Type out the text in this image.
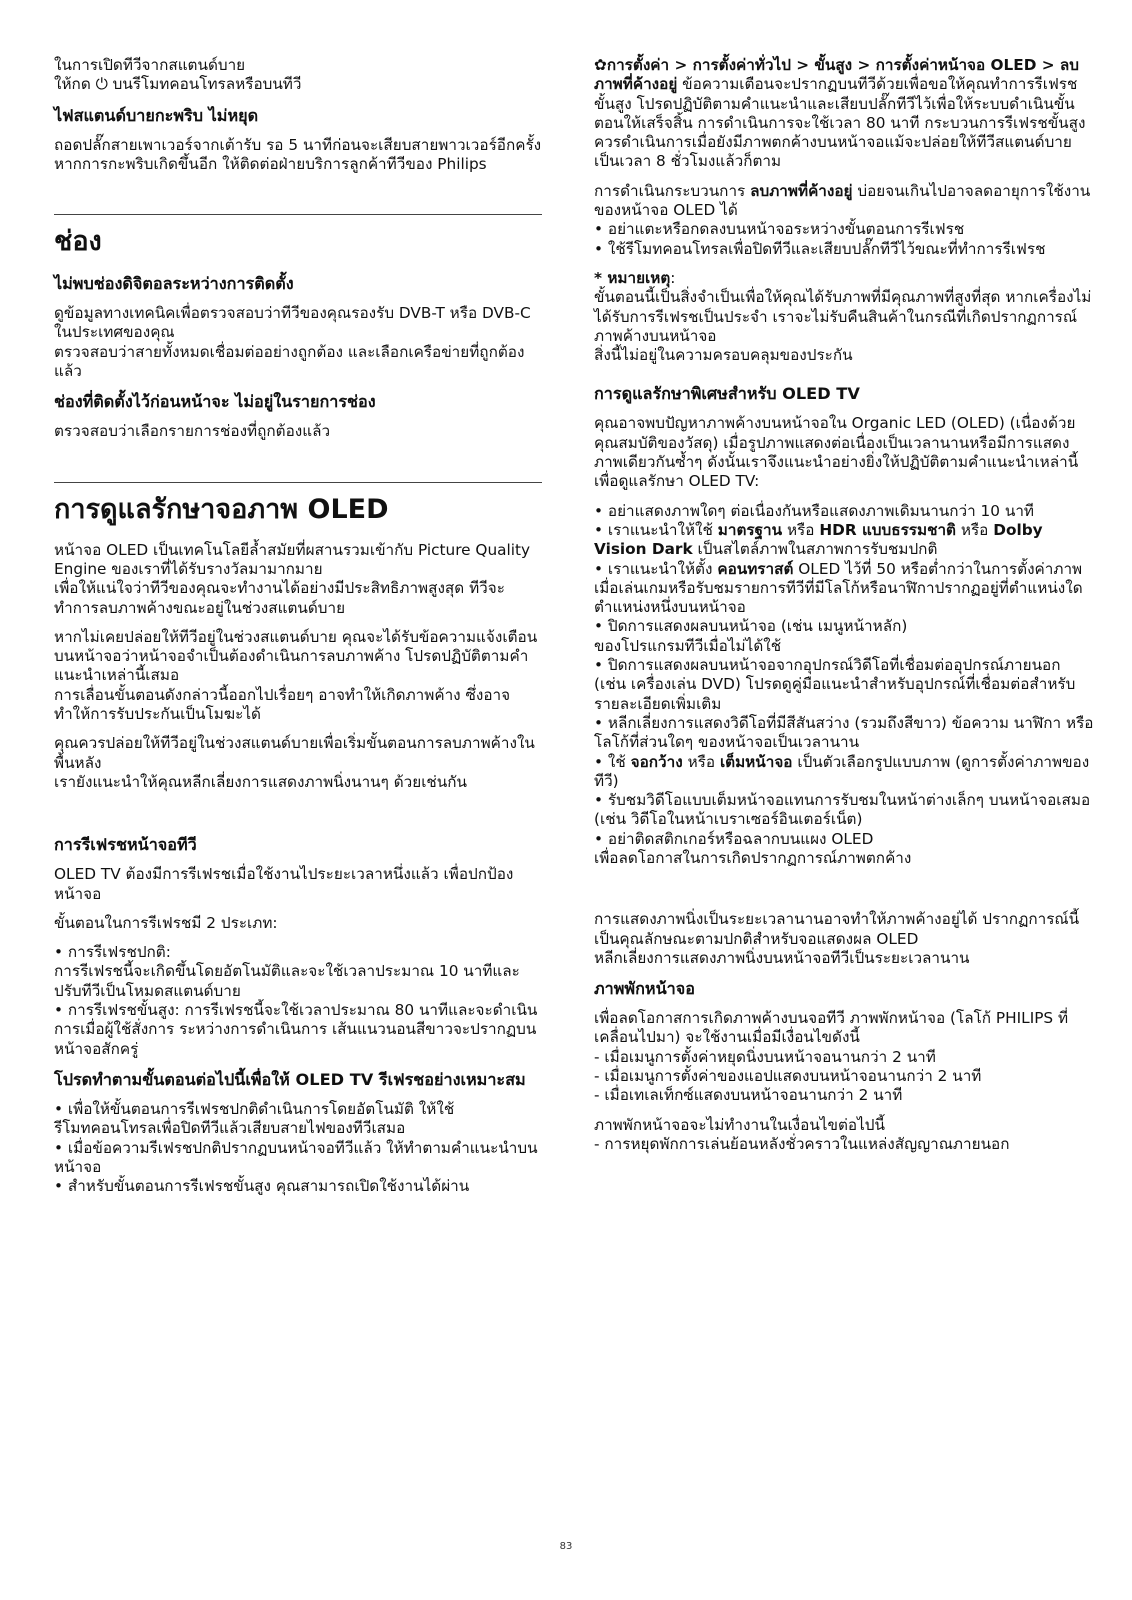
ในการเปิดทีวีจากสแตนด์บาย

ให้กด ⏻ บนรีโมทคอนโทรลหรือบนทีวี

ไฟสแตนด์บายกะพริบ ไม่หยุด

ถอดปลั๊กสายเพาเวอร์จากเต้ารับ รอ 5 นาทีก่อนจะเสียบสายพาวเวอร์อีกครั้ง หากการกะพริบเกิดขึ้นอีก ให้ติดต่อฝ่ายบริการลูกค้าทีวีของ Philips

ช่อง
ไม่พบช่องดิจิตอลระหว่างการติดตั้ง

ดูข้อมูลทางเทคนิคเพื่อตรวจสอบว่าทีวีของคุณรองรับ DVB-T หรือ DVB-C ในประเทศของคุณ

ตรวจสอบว่าสายทั้งหมดเชื่อมต่ออย่างถูกต้อง และเลือกเครือข่ายที่ถูกต้องแล้ว

ช่องที่ติดตั้งไว้ก่อนหน้าจะ ไม่อยู่ในรายการช่อง

ตรวจสอบว่าเลือกรายการช่องที่ถูกต้องแล้ว

การดูแลรักษาจอภาพ OLED

หน้าจอ OLED เป็นเทคโนโลยีล้ำสมัยที่ผสานรวมเข้ากับ Picture Quality Engine ของเราที่ได้รับรางวัลมามากมาย

เพื่อให้แน่ใจว่าทีวีของคุณจะทำงานได้อย่างมีประสิทธิภาพสูงสุด ทีวีจะทำการลบภาพค้างขณะอยู่ในช่วงสแตนด์บาย

หากไม่เคยปล่อยให้ทีวีอยู่ในช่วงสแตนด์บาย คุณจะได้รับข้อความแจ้งเตือนบนหน้าจอว่าหน้าจอจำเป็นต้องดำเนินการลบภาพค้าง โปรดปฏิบัติตามคำแนะนำเหล่านี้เสมอ

การเลื่อนขั้นตอนดังกล่าวนี้ออกไปเรื่อยๆ อาจทำให้เกิดภาพค้าง ซึ่งอาจทำให้การรับประกันเป็นโมฆะได้

คุณควรปล่อยให้ทีวีอยู่ในช่วงสแตนด์บายเพื่อเริ่มขั้นตอนการลบภาพค้างในพื้นหลัง

เรายังแนะนำให้คุณหลีกเลี่ยงการแสดงภาพนิ่งนานๆ ด้วยเช่นกัน

การรีเฟรชหน้าจอทีวี

OLED TV ต้องมีการรีเฟรชเมื่อใช้งานไประยะเวลาหนึ่งแล้ว เพื่อปกป้องหน้าจอ

ขั้นตอนในการรีเฟรชมี 2 ประเภท:

• การรีเฟรชปกติ:

การรีเฟรชนี้จะเกิดขึ้นโดยอัตโนมัติและจะใช้เวลาประมาณ 10 นาทีและปรับทีวีเป็นโหมดสแตนด์บาย

• การรีเฟรชขั้นสูง: การรีเฟรชนี้จะใช้เวลาประมาณ 80 นาทีและจะดำเนินการเมื่อผู้ใช้สั่งการ ระหว่างการดำเนินการ เส้นแนวนอนสีขาวจะปรากฏบนหน้าจอสักครู่

โปรดทำตามขั้นตอนต่อไปนี้เพื่อให้ OLED TV รีเฟรชอย่างเหมาะสม

• เพื่อให้ขั้นตอนการรีเฟรชปกติดำเนินการโดยอัตโนมัติ ให้ใช้รีโมทคอนโทรลเพื่อปิดทีวีแล้วเสียบสายไฟของทีวีเสมอ

• เมื่อข้อความรีเฟรชปกติปรากฏบนหน้าจอทีวีแล้ว ให้ทำตามคำแนะนำบนหน้าจอ

• สำหรับขั้นตอนการรีเฟรชขั้นสูง คุณสามารถเปิดใช้งานได้ผ่าน

✿การตั้งค่า > การตั้งค่าทั่วไป > ขั้นสูง > การตั้งค่าหน้าจอ OLED > ลบภาพที่ค้างอยู่ ข้อความเตือนจะปรากฏบนทีวีด้วยเพื่อขอให้คุณทำการรีเฟรชขั้นสูง โปรดปฏิบัติตามคำแนะนำและเสียบปลั๊กทีวีไว้เพื่อให้ระบบดำเนินขั้นตอนให้เสร็จสิ้น การดำเนินการจะใช้เวลา 80 นาที กระบวนการรีเฟรชขั้นสูงควรดำเนินการเมื่อยังมีภาพตกค้างบนหน้าจอแม้จะปล่อยให้ทีวีสแตนด์บายเป็นเวลา 8 ชั่วโมงแล้วก็ตาม

การดำเนินกระบวนการ ลบภาพที่ค้างอยู่ บ่อยจนเกินไปอาจลดอายุการใช้งานของหน้าจอ OLED ได้

• อย่าแตะหรือกดลงบนหน้าจอระหว่างขั้นตอนการรีเฟรช

• ใช้รีโมทคอนโทรลเพื่อปิดทีวีและเสียบปลั๊กทีวีไว้ขณะที่ทำการรีเฟรช

* หมายเหตุ:

ขั้นตอนนี้เป็นสิ่งจำเป็นเพื่อให้คุณได้รับภาพที่มีคุณภาพที่สูงที่สุด หากเครื่องไม่ได้รับการรีเฟรชเป็นประจำ เราจะไม่รับคืนสินค้าในกรณีที่เกิดปรากฏการณ์ภาพค้างบนหน้าจอ

สิ่งนี้ไม่อยู่ในความครอบคลุมของประกัน

การดูแลรักษาพิเศษสำหรับ OLED TV

คุณอาจพบปัญหาภาพค้างบนหน้าจอใน Organic LED (OLED) (เนื่องด้วยคุณสมบัติของวัสดุ) เมื่อรูปภาพแสดงต่อเนื่องเป็นเวลานานหรือมีการแสดงภาพเดียวกันซ้ำๆ ดังนั้นเราจึงแนะนำอย่างยิ่งให้ปฏิบัติตามคำแนะนำเหล่านี้เพื่อดูแลรักษา OLED TV:

• อย่าแสดงภาพใดๆ ต่อเนื่องกันหรือแสดงภาพเดิมนานกว่า 10 นาที

• เราแนะนำให้ใช้ มาตรฐาน หรือ HDR แบบธรรมชาติ หรือ Dolby Vision Dark เป็นสไตล์ภาพในสภาพการรับชมปกติ

• เราแนะนำให้ตั้ง คอนทราสต์ OLED ไว้ที่ 50 หรือต่ำกว่าในการตั้งค่าภาพเมื่อเล่นเกมหรือรับชมรายการทีวีที่มีโลโก้หรือนาฬิกาปรากฏอยู่ที่ตำแหน่งใดตำแหน่งหนึ่งบนหน้าจอ

• ปิดการแสดงผลบนหน้าจอ (เช่น เมนูหน้าหลัก)

ของโปรแกรมทีวีเมื่อไม่ได้ใช้

• ปิดการแสดงผลบนหน้าจอจากอุปกรณ์วิดีโอที่เชื่อมต่ออุปกรณ์ภายนอก (เช่น เครื่องเล่น DVD) โปรดดูคู่มือแนะนำสำหรับอุปกรณ์ที่เชื่อมต่อสำหรับรายละเอียดเพิ่มเติม

• หลีกเลี่ยงการแสดงวิดีโอที่มีสีสันสว่าง (รวมถึงสีขาว) ข้อความ นาฬิกา หรือโลโก้ที่ส่วนใดๆ ของหน้าจอเป็นเวลานาน

• ใช้ จอกว้าง หรือ เต็มหน้าจอ เป็นตัวเลือกรูปแบบภาพ (ดูการตั้งค่าภาพของทีวี)

• รับชมวิดีโอแบบเต็มหน้าจอแทนการรับชมในหน้าต่างเล็กๆ บนหน้าจอเสมอ (เช่น วิดีโอในหน้าเบราเซอร์อินเตอร์เน็ต)

• อย่าติดสติกเกอร์หรือฉลากบนแผง OLED

เพื่อลดโอกาสในการเกิดปรากฏการณ์ภาพตกค้าง

การแสดงภาพนิ่งเป็นระยะเวลานานอาจทำให้ภาพค้างอยู่ได้ ปรากฏการณ์นี้เป็นคุณลักษณะตามปกติสำหรับจอแสดงผล OLED

หลีกเลี่ยงการแสดงภาพนิ่งบนหน้าจอทีวีเป็นระยะเวลานาน

ภาพพักหน้าจอ

เพื่อลดโอกาสการเกิดภาพค้างบนจอทีวี ภาพพักหน้าจอ (โลโก้ PHILIPS ที่เคลื่อนไปมา) จะใช้งานเมื่อมีเงื่อนไขดังนี้

- เมื่อเมนูการตั้งค่าหยุดนิ่งบนหน้าจอนานกว่า 2 นาที

- เมื่อเมนูการตั้งค่าของแอปแสดงบนหน้าจอนานกว่า 2 นาที

- เมื่อเทเลเท็กซ์แสดงบนหน้าจอนานกว่า 2 นาที

ภาพพักหน้าจอจะไม่ทำงานในเงื่อนไขต่อไปนี้

- การหยุดพักการเล่นย้อนหลังชั่วคราวในแหล่งสัญญาณภายนอก

83
